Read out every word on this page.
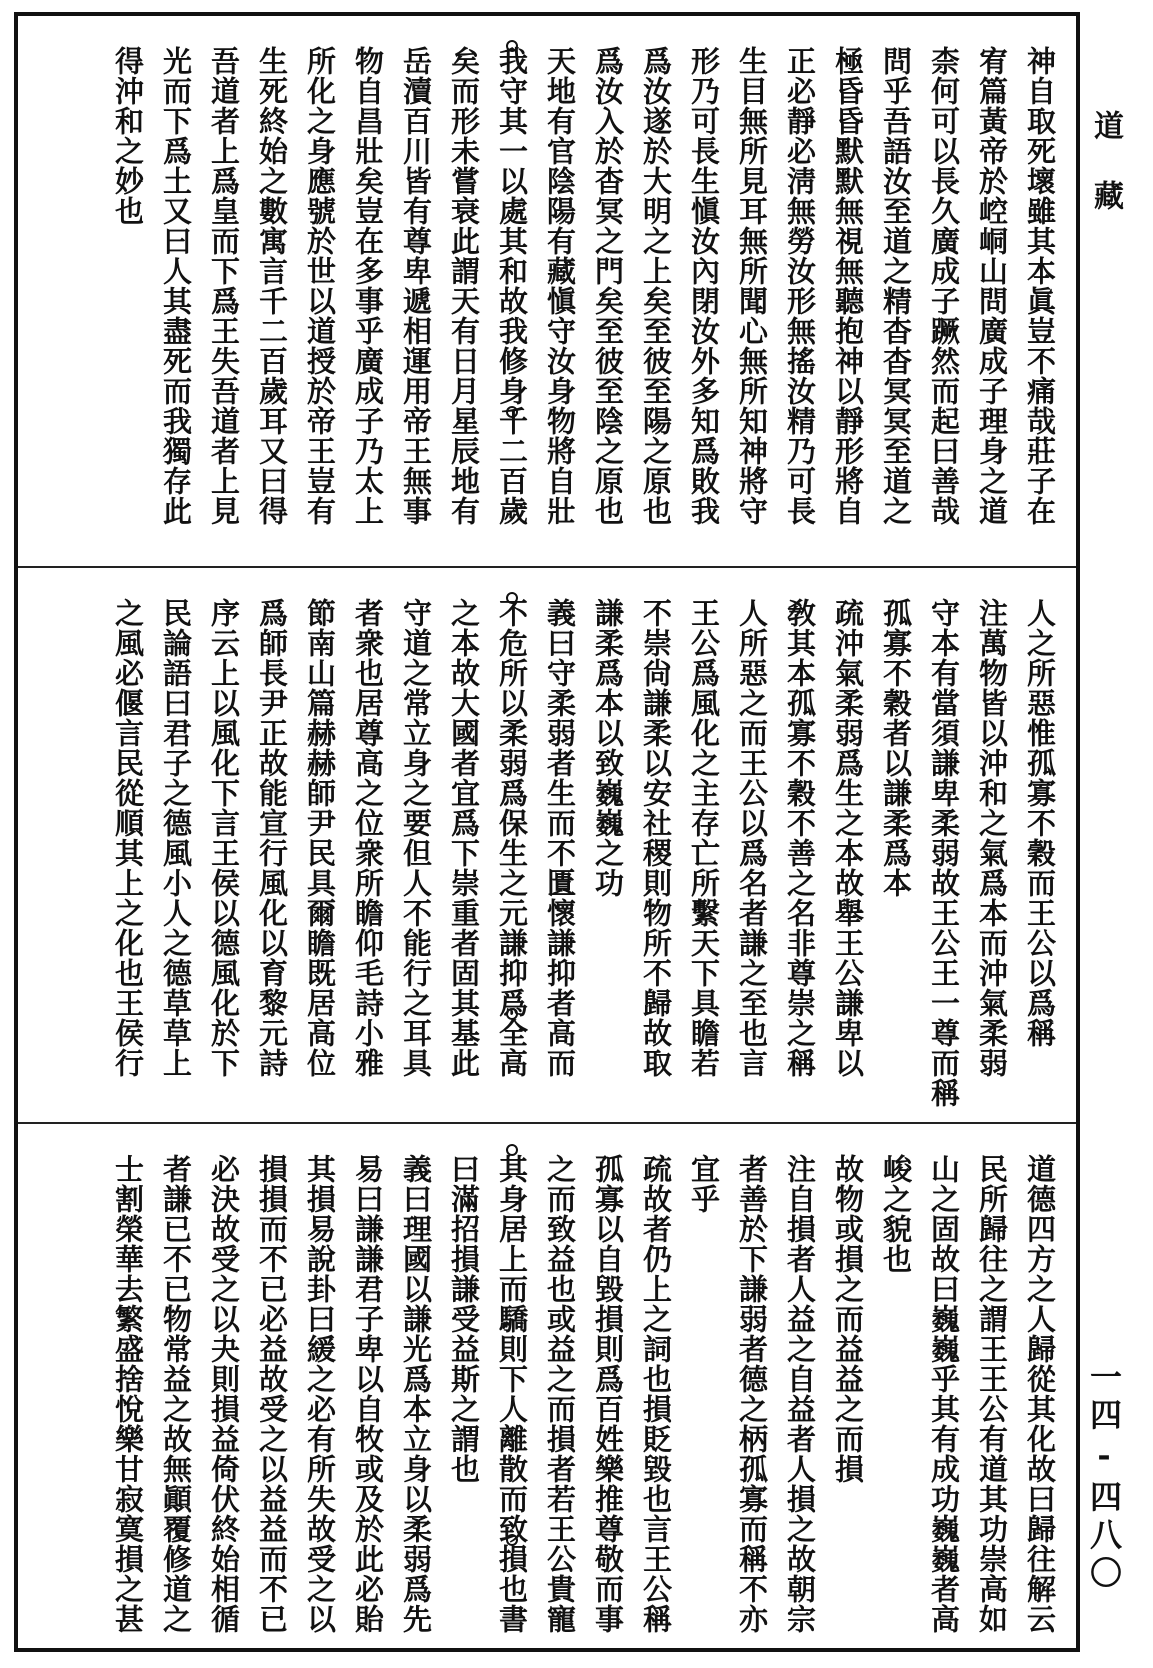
神自取死壞雖其本眞豈不痛哉莊子在
宥篇黃帝於崆峒山問廣成子理身之道
柰何可以長久廣成子蹶然而起曰善哉
問乎吾語汝至道之精杳杳冥冥至道之
極昏昏默默無視無聽抱神以靜形將自
正必靜必淸無勞汝形無搖汝精乃可長
生目無所見耳無所聞心無所知神將守
形乃可長生愼汝內閉汝外多知爲敗我
爲汝遂於大明之上矣至彼至陽之原也
爲汝入於杳冥之門矣至彼至陰之原也
天地有官陰陽有藏愼守汝身物將自壯
我守其一以處其和故我修身千二百歲
矣而形未嘗衰此謂天有日月星辰地有
岳瀆百川皆有尊卑遞相運用帝王無事
物自昌壯矣豈在多事乎廣成子乃太上
所化之身應號於世以道授於帝王豈有
生死終始之數寓言千二百歲耳又曰得
吾道者上爲皇而下爲王失吾道者上見
光而下爲土又曰人其盡死而我獨存此
得沖和之妙也
人之所惡惟孤寡不穀而王公以爲稱
注萬物皆以沖和之氣爲本而沖氣柔弱
守本有當須謙卑柔弱故王公王一尊而稱
孤寡不穀者以謙柔爲本
疏沖氣柔弱爲生之本故舉王公謙卑以
敎其本孤寡不穀不善之名非尊崇之稱
人所惡之而王公以爲名者謙之至也言
王公爲風化之主存亡所繫天下具瞻若
不崇尙謙柔以安社稷則物所不歸故取
謙柔爲本以致巍巍之功
義曰守柔弱者生而不匱懷謙抑者高而
不危所以柔弱爲保生之元謙抑爲全高
之本故大國者宜爲下崇重者固其基此
守道之常立身之要但人不能行之耳具
者衆也居尊高之位衆所瞻仰毛詩小雅
節南山篇赫赫師尹民具爾瞻既居高位
爲師長尹正故能宣行風化以育黎元詩
序云上以風化下言王侯以德風化於下
民論語曰君子之德風小人之德草草上
之風必偃言民從順其上之化也王侯行
道德四方之人歸從其化故曰歸往解云
民所歸往之謂王王公有道其功崇高如
山之固故曰巍巍乎其有成功巍巍者高
峻之貌也
故物或損之而益益之而損
注自損者人益之自益者人損之故朝宗
者善於下謙弱者德之柄孤寡而稱不亦
宜乎
疏故者仍上之詞也損貶毀也言王公稱
孤寡以自毀損則爲百姓樂推尊敬而事
之而致益也或益之而損者若王公貴寵
其身居上而驕則下人離散而致損也書
曰滿招損謙受益斯之謂也
義曰理國以謙光爲本立身以柔弱爲先
易曰謙謙君子卑以自牧或及於此必貽
其損易說卦曰緩之必有所失故受之以
損損而不已必益故受之以益益而不已
必決故受之以夬則損益倚伏終始相循
者謙已不已物常益之故無顚覆修道之
士割榮華去繁盛捨悅樂甘寂寞損之甚
道藏
一四-四八〇
